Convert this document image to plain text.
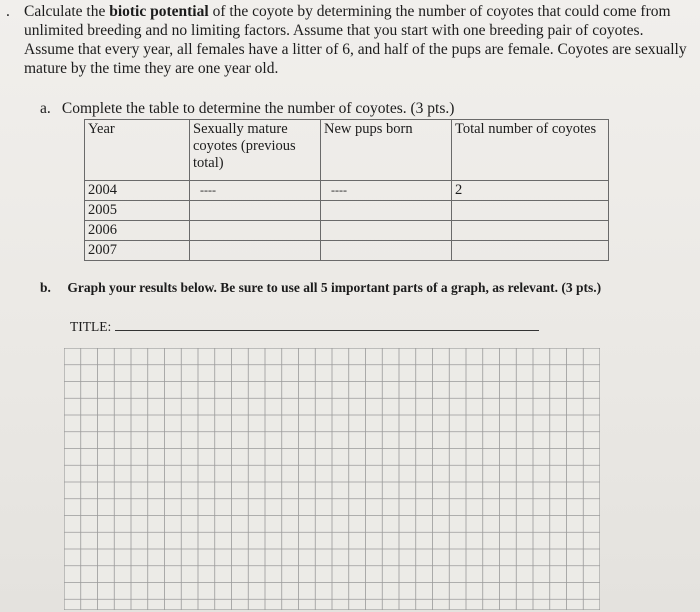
. Calculate the biotic potential of the coyote by determining the number of coyotes that could come from unlimited breeding and no limiting factors. Assume that you start with one breeding pair of coyotes. Assume that every year, all females have a litter of 6, and half of the pups are female. Coyotes are sexually mature by the time they are one year old.
a. Complete the table to determine the number of coyotes. (3 pts.)
Year	Sexually mature coyotes (previous total)	New pups born	Total number of coyotes
2004	----	----	2
2005			
2006			
2007			
b. Graph your results below. Be sure to use all 5 important parts of a graph, as relevant. (3 pts.)
TITLE:
